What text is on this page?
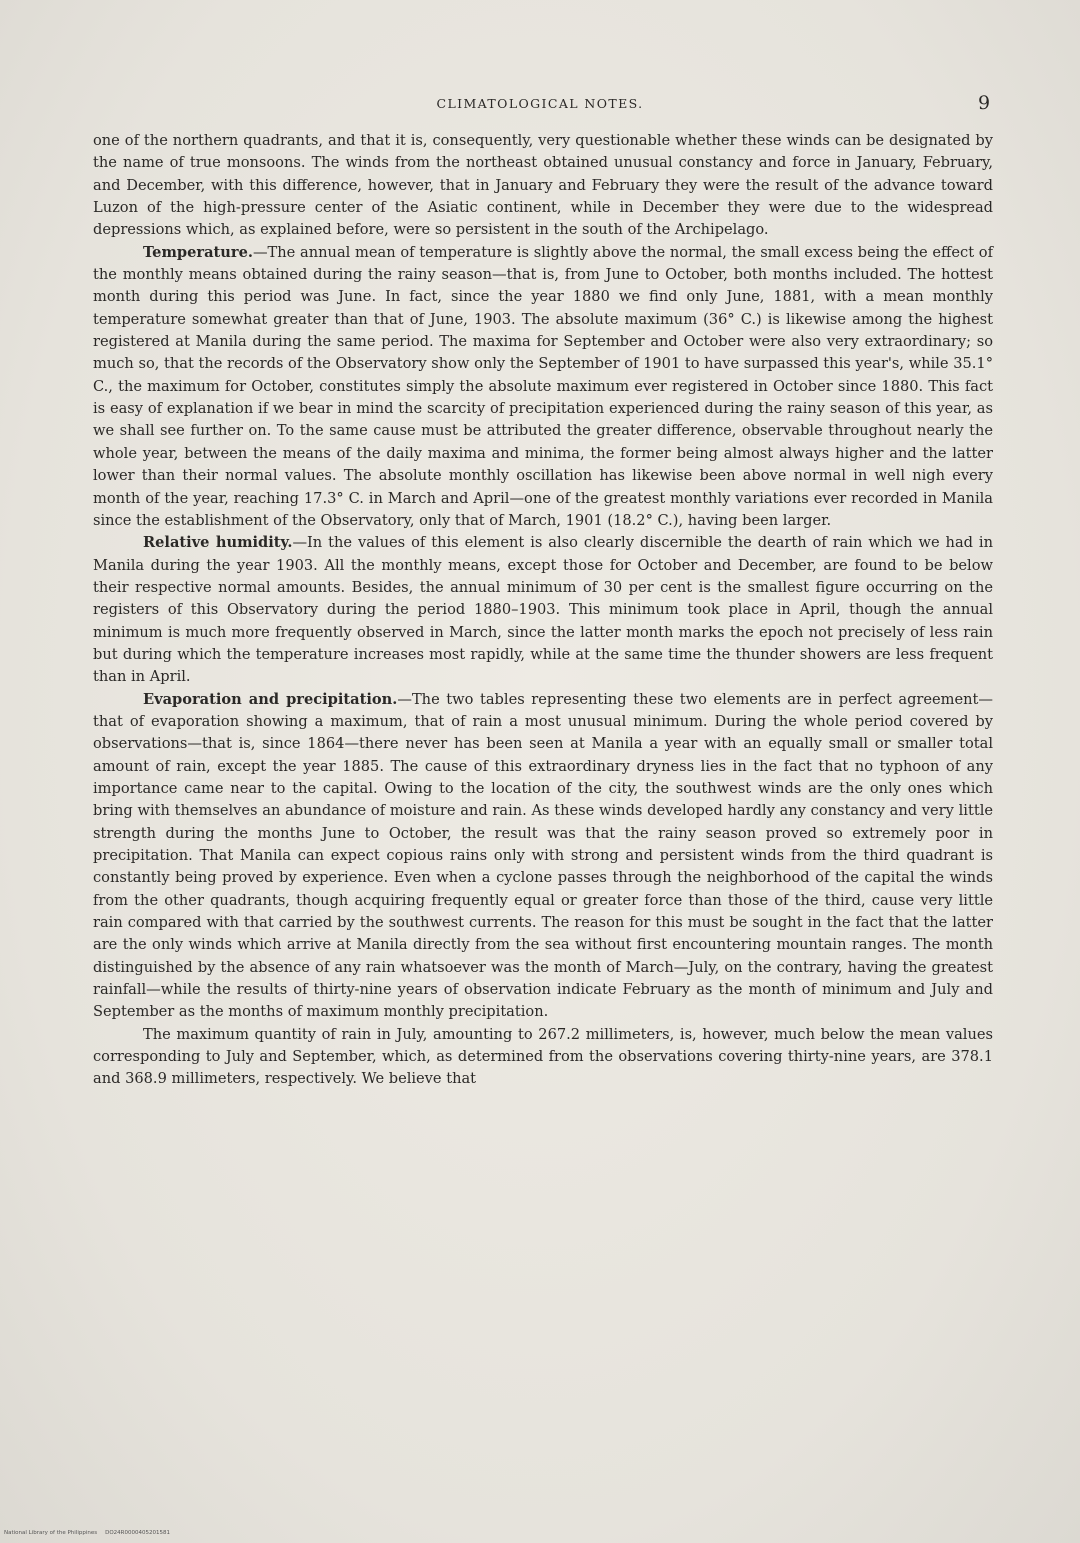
CLIMATOLOGICAL NOTES.	9

one of the northern quadrants, and that it is, consequently, very questionable whether these winds can be designated by the name of true monsoons. The winds from the northeast obtained unusual constancy and force in January, February, and December, with this difference, however, that in January and February they were the result of the advance toward Luzon of the high-pressure center of the Asiatic continent, while in December they were due to the widespread depressions which, as explained before, were so persistent in the south of the Archipelago.

Temperature.—The annual mean of temperature is slightly above the normal, the small excess being the effect of the monthly means obtained during the rainy season—that is, from June to October, both months included. The hottest month during this period was June. In fact, since the year 1880 we find only June, 1881, with a mean monthly temperature somewhat greater than that of June, 1903. The absolute maximum (36° C.) is likewise among the highest registered at Manila during the same period. The maxima for September and October were also very extraordinary; so much so, that the records of the Observatory show only the September of 1901 to have surpassed this year's, while 35.1° C., the maximum for October, constitutes simply the absolute maximum ever registered in October since 1880. This fact is easy of explanation if we bear in mind the scarcity of precipitation experienced during the rainy season of this year, as we shall see further on. To the same cause must be attributed the greater difference, observable throughout nearly the whole year, between the means of the daily maxima and minima, the former being almost always higher and the latter lower than their normal values. The absolute monthly oscillation has likewise been above normal in well nigh every month of the year, reaching 17.3° C. in March and April—one of the greatest monthly variations ever recorded in Manila since the establishment of the Observatory, only that of March, 1901 (18.2° C.), having been larger.

Relative humidity.—In the values of this element is also clearly discernible the dearth of rain which we had in Manila during the year 1903. All the monthly means, except those for October and December, are found to be below their respective normal amounts. Besides, the annual minimum of 30 per cent is the smallest figure occurring on the registers of this Observatory during the period 1880–1903. This minimum took place in April, though the annual minimum is much more frequently observed in March, since the latter month marks the epoch not precisely of less rain but during which the temperature increases most rapidly, while at the same time the thunder showers are less frequent than in April.

Evaporation and precipitation.—The two tables representing these two elements are in perfect agreement—that of evaporation showing a maximum, that of rain a most unusual minimum. During the whole period covered by observations—that is, since 1864—there never has been seen at Manila a year with an equally small or smaller total amount of rain, except the year 1885. The cause of this extraordinary dryness lies in the fact that no typhoon of any importance came near to the capital. Owing to the location of the city, the southwest winds are the only ones which bring with themselves an abundance of moisture and rain. As these winds developed hardly any constancy and very little strength during the months June to October, the result was that the rainy season proved so extremely poor in precipitation. That Manila can expect copious rains only with strong and persistent winds from the third quadrant is constantly being proved by experience. Even when a cyclone passes through the neighborhood of the capital the winds from the other quadrants, though acquiring frequently equal or greater force than those of the third, cause very little rain compared with that carried by the southwest currents. The reason for this must be sought in the fact that the latter are the only winds which arrive at Manila directly from the sea without first encountering mountain ranges. The month distinguished by the absence of any rain whatsoever was the month of March—July, on the contrary, having the greatest rainfall—while the results of thirty-nine years of observation indicate February as the month of minimum and July and September as the months of maximum monthly precipitation.

The maximum quantity of rain in July, amounting to 267.2 millimeters, is, however, much below the mean values corresponding to July and September, which, as determined from the observations covering thirty-nine years, are 378.1 and 368.9 millimeters, respectively. We believe that

National Library of the Philippines DO24R0000405201581
